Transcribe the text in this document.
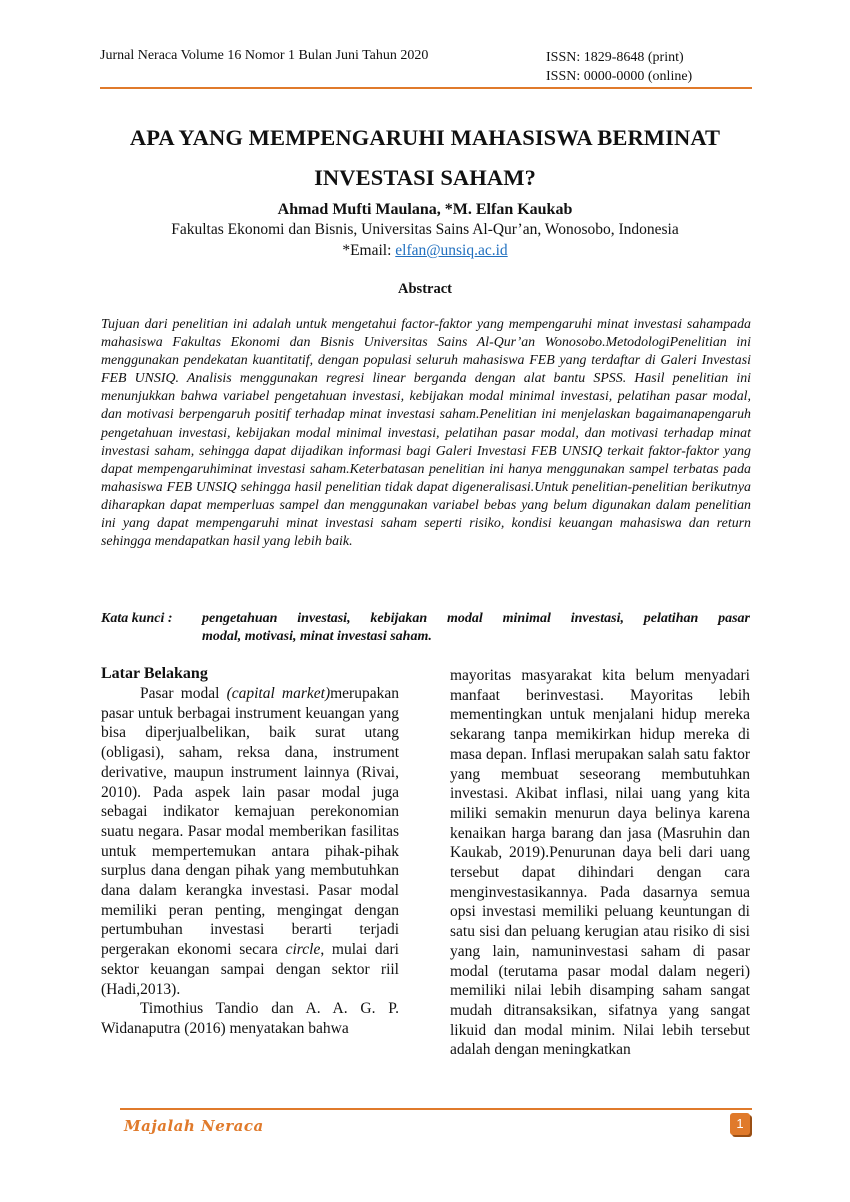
Jurnal Neraca Volume 16 Nomor 1 Bulan Juni Tahun 2020	ISSN: 1829-8648 (print)
ISSN: 0000-0000 (online)
APA YANG MEMPENGARUHI MAHASISWA BERMINAT
INVESTASI SAHAM?
Ahmad Mufti Maulana, *M. Elfan Kaukab
Fakultas Ekonomi dan Bisnis, Universitas Sains Al-Qur’an, Wonosobo, Indonesia
*Email: elfan@unsiq.ac.id
Abstract
Tujuan dari penelitian ini adalah untuk mengetahui factor-faktor yang mempengaruhi minat investasi sahampada mahasiswa Fakultas Ekonomi dan Bisnis Universitas Sains Al-Qur’an Wonosobo.MetodologiPenelitian ini menggunakan pendekatan kuantitatif, dengan populasi seluruh mahasiswa FEB yang terdaftar di Galeri Investasi FEB UNSIQ. Analisis menggunakan regresi linear berganda dengan alat bantu SPSS. Hasil penelitian ini menunjukkan bahwa variabel pengetahuan investasi, kebijakan modal minimal investasi, pelatihan pasar modal, dan motivasi berpengaruh positif terhadap minat investasi saham.Penelitian ini menjelaskan bagaimanapengaruh pengetahuan investasi, kebijakan modal minimal investasi, pelatihan pasar modal, dan motivasi terhadap minat investasi saham, sehingga dapat dijadikan informasi bagi Galeri Investasi FEB UNSIQ terkait faktor-faktor yang dapat mempengaruhiminat investasi saham.Keterbatasan penelitian ini hanya menggunakan sampel terbatas pada mahasiswa FEB UNSIQ sehingga hasil penelitian tidak dapat digeneralisasi.Untuk penelitian-penelitian berikutnya diharapkan dapat memperluas sampel dan menggunakan variabel bebas yang belum digunakan dalam penelitian ini yang dapat mempengaruhi minat investasi saham seperti risiko, kondisi keuangan mahasiswa dan return sehingga mendapatkan hasil yang lebih baik.
Kata kunci : pengetahuan investasi, kebijakan modal minimal investasi, pelatihan pasar
modal, motivasi, minat investasi saham.
Latar Belakang

Pasar modal (capital market)merupakan pasar untuk berbagai instrument keuangan yang bisa diperjualbelikan, baik surat utang (obligasi), saham, reksa dana, instrument derivative, maupun instrument lainnya (Rivai, 2010). Pada aspek lain pasar modal juga sebagai indikator kemajuan perekonomian suatu negara. Pasar modal memberikan fasilitas untuk mempertemukan antara pihak-pihak surplus dana dengan pihak yang membutuhkan dana dalam kerangka investasi. Pasar modal memiliki peran penting, mengingat dengan pertumbuhan investasi berarti terjadi pergerakan ekonomi secara circle, mulai dari sektor keuangan sampai dengan sektor riil (Hadi,2013).

Timothius Tandio dan A. A. G. P. Widanaputra (2016) menyatakan bahwa

mayoritas masyarakat kita belum menyadari manfaat berinvestasi. Mayoritas lebih mementingkan untuk menjalani hidup mereka sekarang tanpa memikirkan hidup mereka di masa depan. Inflasi merupakan salah satu faktor yang membuat seseorang membutuhkan investasi. Akibat inflasi, nilai uang yang kita miliki semakin menurun daya belinya karena kenaikan harga barang dan jasa (Masruhin dan Kaukab, 2019).Penurunan daya beli dari uang tersebut dapat dihindari dengan cara menginvestasikannya. Pada dasarnya semua opsi investasi memiliki peluang keuntungan di satu sisi dan peluang kerugian atau risiko di sisi yang lain, namuninvestasi saham di pasar modal (terutama pasar modal dalam negeri) memiliki nilai lebih disamping saham sangat mudah ditransaksikan, sifatnya yang sangat likuid dan modal minim. Nilai lebih tersebut adalah dengan meningkatkan

Majalah Neraca	1
